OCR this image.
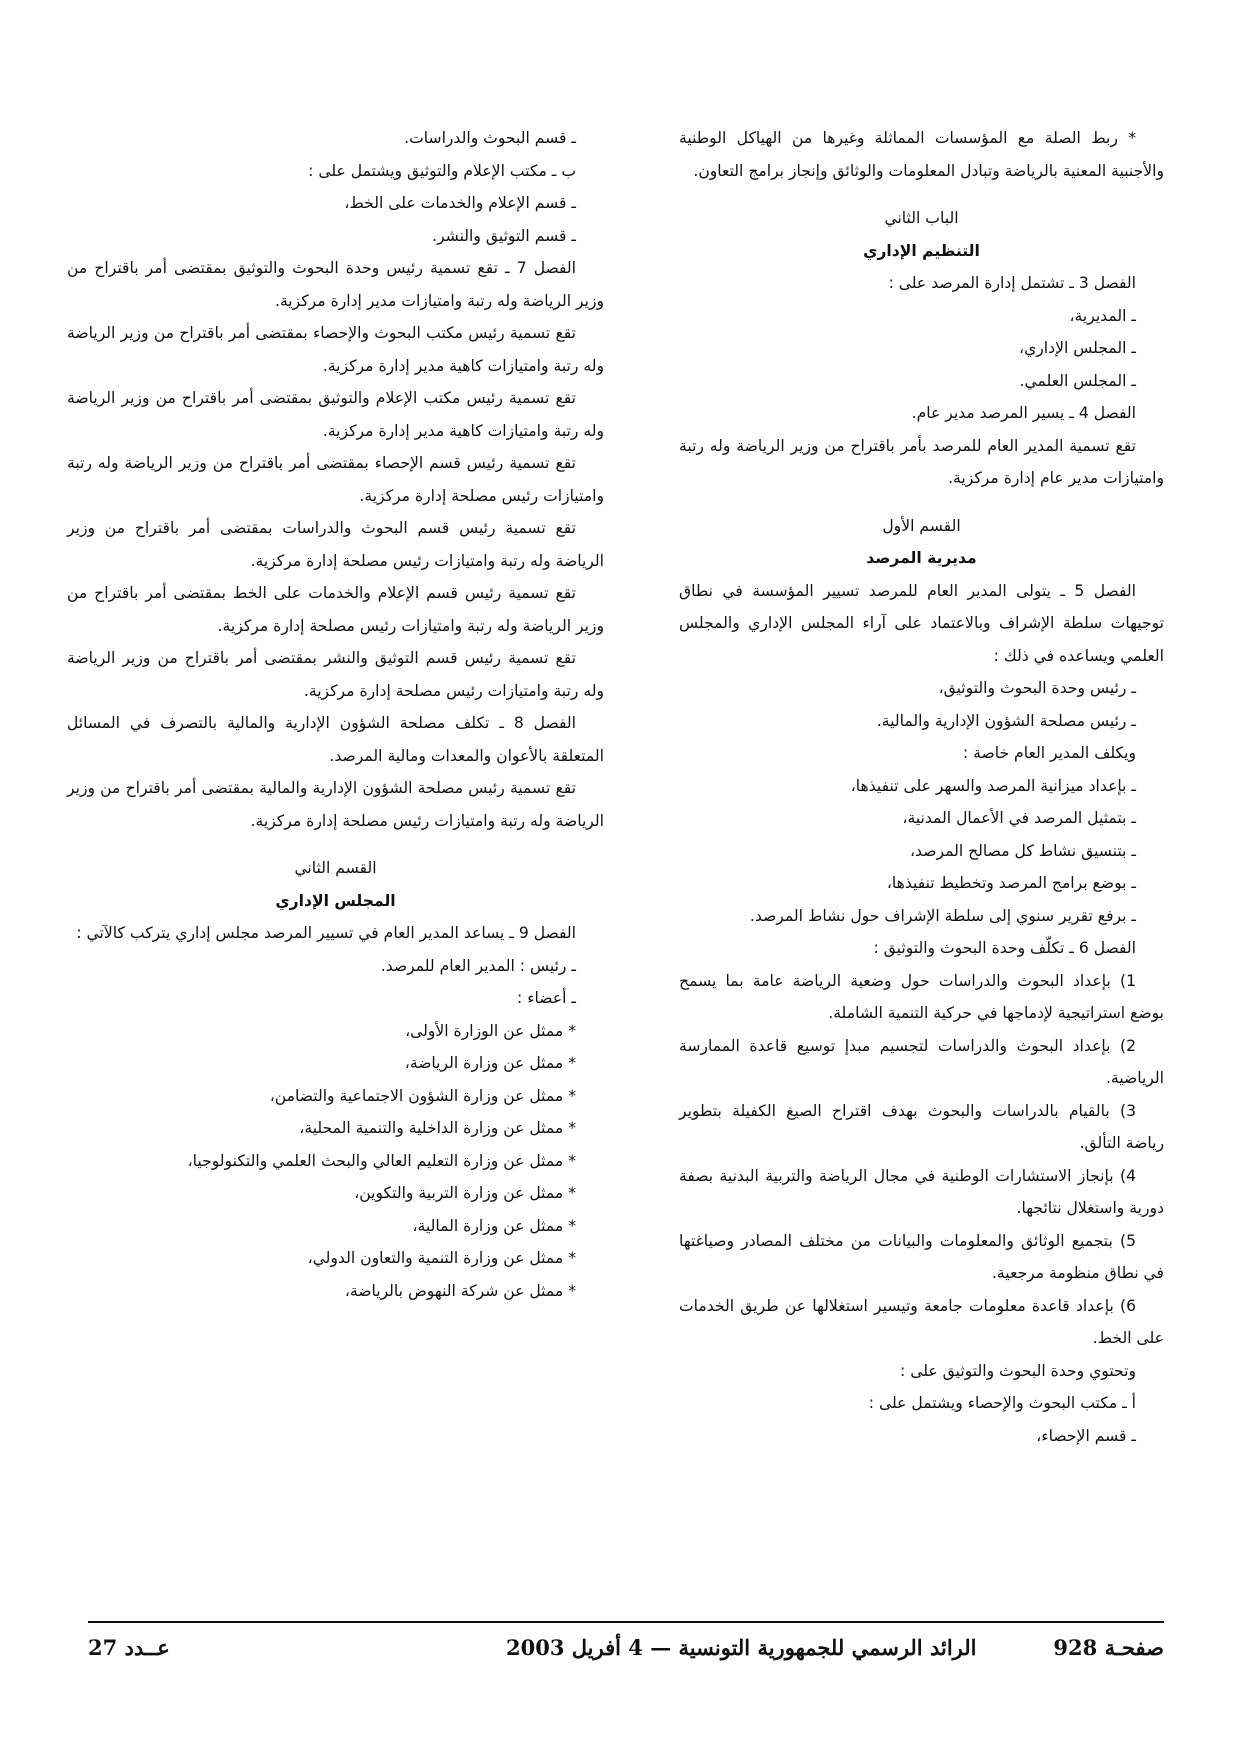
* ربط الصلة مع المؤسسات المماثلة وغيرها من الهياكل الوطنية والأجنبية المعنية بالرياضة وتبادل المعلومات والوثائق وإنجاز برامج التعاون.
الباب الثاني
التنظيم الإداري
الفصل 3 ـ تشتمل إدارة المرصد على :
ـ المديرية،
ـ المجلس الإداري،
ـ المجلس العلمي.
الفصل 4 ـ يسير المرصد مدير عام.
تقع تسمية المدير العام للمرصد بأمر باقتراح من وزير الرياضة وله رتبة وامتيازات مدير عام إدارة مركزية.
القسم الأول
مديرية المرصد
الفصل 5 ـ يتولى المدير العام للمرصد تسيير المؤسسة في نطاق توجيهات سلطة الإشراف وبالاعتماد على آراء المجلس الإداري والمجلس العلمي ويساعده في ذلك :
ـ رئيس وحدة البحوث والتوثيق،
ـ رئيس مصلحة الشؤون الإدارية والمالية.
ويكلف المدير العام خاصة :
ـ بإعداد ميزانية المرصد والسهر على تنفيذها،
ـ بتمثيل المرصد في الأعمال المدنية،
ـ بتنسيق نشاط كل مصالح المرصد،
ـ بوضع برامج المرصد وتخطيط تنفيذها،
ـ برفع تقرير سنوي إلى سلطة الإشراف حول نشاط المرصد.
الفصل 6 ـ تكلّف وحدة البحوث والتوثيق :
1) بإعداد البحوث والدراسات حول وضعية الرياضة عامة بما يسمح بوضع استراتيجية لإدماجها في حركية التنمية الشاملة.
2) بإعداد البحوث والدراسات لتجسيم مبدإ توسيع قاعدة الممارسة الرياضية.
3) بالقيام بالدراسات والبحوث بهدف اقتراح الصيغ الكفيلة بتطوير رياضة التألق.
4) بإنجاز الاستشارات الوطنية في مجال الرياضة والتربية البدنية بصفة دورية واستغلال نتائجها.
5) بتجميع الوثائق والمعلومات والبيانات من مختلف المصادر وصياغتها في نطاق منظومة مرجعية.
6) بإعداد قاعدة معلومات جامعة وتيسير استغلالها عن طريق الخدمات على الخط.
وتحتوي وحدة البحوث والتوثيق على :
أ ـ مكتب البحوث والإحصاء ويشتمل على :
ـ قسم الإحصاء،
ـ قسم البحوث والدراسات.
ب ـ مكتب الإعلام والتوثيق ويشتمل على :
ـ قسم الإعلام والخدمات على الخط،
ـ قسم التوثيق والنشر.
الفصل 7 ـ تقع تسمية رئيس وحدة البحوث والتوثيق بمقتضى أمر باقتراح من وزير الرياضة وله رتبة وامتيازات مدير إدارة مركزية.
تقع تسمية رئيس مكتب البحوث والإحصاء بمقتضى أمر باقتراح من وزير الرياضة وله رتبة وامتيازات كاهية مدير إدارة مركزية.
تقع تسمية رئيس مكتب الإعلام والتوثيق بمقتضى أمر باقتراح من وزير الرياضة وله رتبة وامتيازات كاهية مدير إدارة مركزية.
تقع تسمية رئيس قسم الإحصاء بمقتضى أمر باقتراح من وزير الرياضة وله رتبة وامتيازات رئيس مصلحة إدارة مركزية.
تقع تسمية رئيس قسم البحوث والدراسات بمقتضى أمر باقتراح من وزير الرياضة وله رتبة وامتيازات رئيس مصلحة إدارة مركزية.
تقع تسمية رئيس قسم الإعلام والخدمات على الخط بمقتضى أمر باقتراح من وزير الرياضة وله رتبة وامتيازات رئيس مصلحة إدارة مركزية.
تقع تسمية رئيس قسم التوثيق والنشر بمقتضى أمر باقتراح من وزير الرياضة وله رتبة وامتيازات رئيس مصلحة إدارة مركزية.
الفصل 8 ـ تكلف مصلحة الشؤون الإدارية والمالية بالتصرف في المسائل المتعلقة بالأعوان والمعدات ومالية المرصد.
تقع تسمية رئيس مصلحة الشؤون الإدارية والمالية بمقتضى أمر باقتراح من وزير الرياضة وله رتبة وامتيازات رئيس مصلحة إدارة مركزية.
القسم الثاني
المجلس الإداري
الفصل 9 ـ يساعد المدير العام في تسيير المرصد مجلس إداري يتركب كالآتي :
ـ رئيس : المدير العام للمرصد.
ـ أعضاء :
* ممثل عن الوزارة الأولى،
* ممثل عن وزارة الرياضة،
* ممثل عن وزارة الشؤون الاجتماعية والتضامن،
* ممثل عن وزارة الداخلية والتنمية المحلية،
* ممثل عن وزارة التعليم العالي والبحث العلمي والتكنولوجيا،
* ممثل عن وزارة التربية والتكوين،
* ممثل عن وزارة المالية،
* ممثل عن وزارة التنمية والتعاون الدولي،
* ممثل عن شركة النهوض بالرياضة،
صفحـة 928
الرائد الرسمي للجمهورية التونسية — 4 أفريل 2003
عــدد 27
